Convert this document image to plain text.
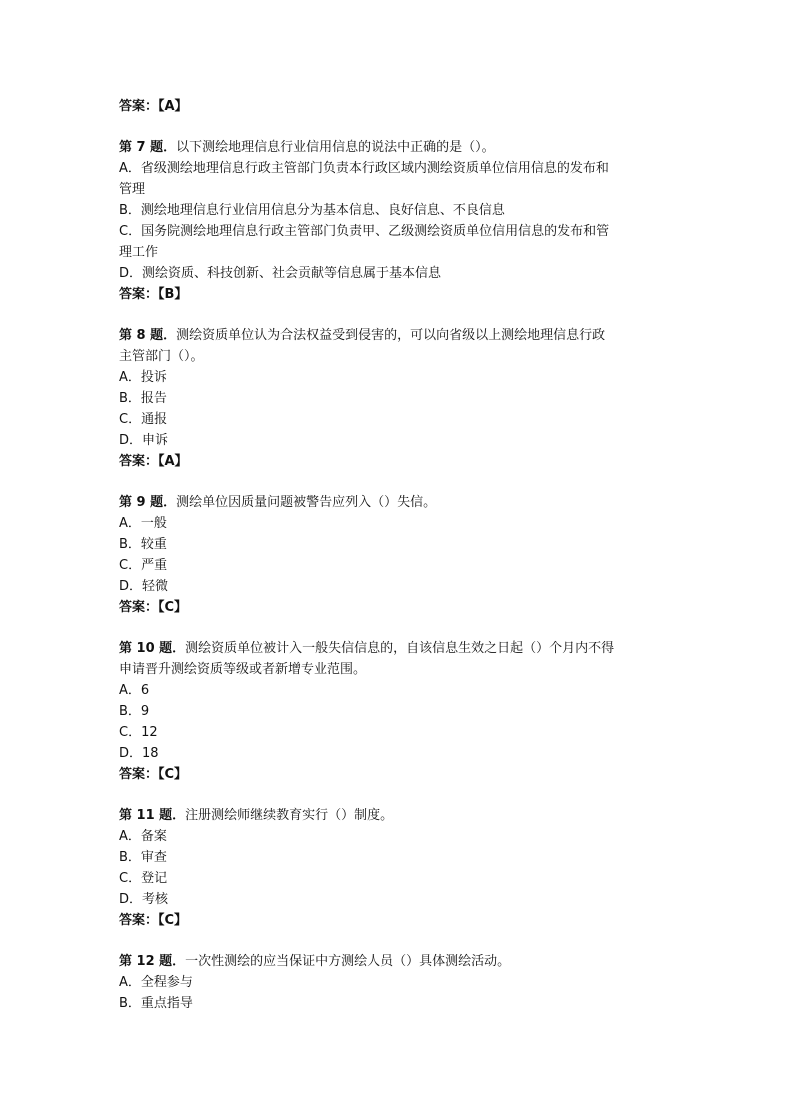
答案：【A】
第 7 题．以下测绘地理信息行业信用信息的说法中正确的是（）。
A．省级测绘地理信息行政主管部门负责本行政区域内测绘资质单位信用信息的发布和
管理
B．测绘地理信息行业信用信息分为基本信息、良好信息、不良信息
C．国务院测绘地理信息行政主管部门负责甲、乙级测绘资质单位信用信息的发布和管
理工作
D．测绘资质、科技创新、社会贡献等信息属于基本信息
答案：【B】
第 8 题．测绘资质单位认为合法权益受到侵害的，可以向省级以上测绘地理信息行政
主管部门（）。
A．投诉
B．报告
C．通报
D．申诉
答案：【A】
第 9 题．测绘单位因质量问题被警告应列入（）失信。
A．一般
B．较重
C．严重
D．轻微
答案：【C】
第 10 题．测绘资质单位被计入一般失信信息的，自该信息生效之日起（）个月内不得
申请晋升测绘资质等级或者新增专业范围。
A．6
B．9
C．12
D．18
答案：【C】
第 11 题．注册测绘师继续教育实行（）制度。
A．备案
B．审查
C．登记
D．考核
答案：【C】
第 12 题．一次性测绘的应当保证中方测绘人员（）具体测绘活动。
A．全程参与
B．重点指导
